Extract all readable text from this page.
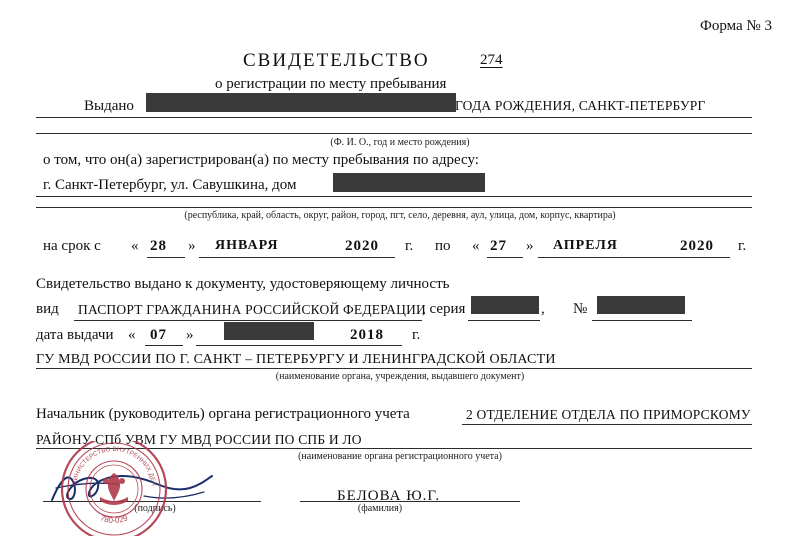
Форма № 3
СВИДЕТЕЛЬСТВО	274
о регистрации по месту пребывания
Выдано	ГОДА РОЖДЕНИЯ, САНКТ-ПЕТЕРБУРГ
(Ф. И. О., год и место рождения)
о том, что он(а) зарегистрирован(а) по месту пребывания по адресу:
г. Санкт-Петербург, ул. Савушкина, дом
(республика, край, область, округ, район, город, пгт, село, деревня, аул, улица, дом, корпус, квартира)
на срок с « 28 » ЯНВАРЯ	2020 г. по « 27 » АПРЕЛЯ	2020 г.
Свидетельство выдано к документу, удостоверяющему личность
вид ПАСПОРТ ГРАЖДАНИНА РОССИЙСКОЙ ФЕДЕРАЦИИ
, серия	, №
дата выдачи « 07 »	2018 г.
ГУ МВД РОССИИ ПО Г. САНКТ – ПЕТЕРБУРГУ И ЛЕНИНГРАДСКОЙ ОБЛАСТИ
(наименование органа, учреждения, выдавшего документ)
Начальник (руководитель) органа регистрационного учета	2 ОТДЕЛЕНИЕ ОТДЕЛА ПО ПРИМОРСКОМУ
РАЙОНУ СПб УВМ ГУ МВД РОССИИ ПО СПБ И ЛО
(наименование органа регистрационного учета)
(подпись)
БЕЛОВА Ю.Г.
(фамилия)
МИНИСТЕРСТВО ВНУТРЕННИХ ДЕЛ
780-029
